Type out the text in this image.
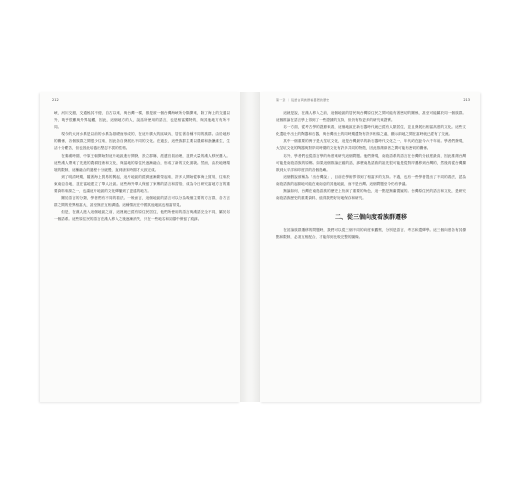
212

峽，河川交錯，交通極其不便，自古以來，與台灣一樣，都是被一個台灣海峽所分隔開來，除了海上的交通以外，幾乎很難與外界接觸，因此，這個地方的人，說話所使用的語言，也是相當獨特的，與其他地方有所不同。

現今的大河水系是以前的水系為基礎而形成的，在這片廣大的區域內，居住著各種不同的族群。由於地形的關係，各個族群之間很少往來，因此各自發展出不同的文化。在過去，這些族群主要以農耕和漁獵維生，生活十分艱苦，但也因此培養出堅忍不拔的性格。

在秦漢時期，中原王朝開始對這片地區進行開發，設立郡縣，派遣官員治理，並將大量的漢人移民遷入。這些漢人帶來了先進的農耕技術和文化，與當地的原住民逐漸融合，形成了新的文化面貌。然而，由於地理環境的限制，這種融合的過程十分緩慢，直到唐宋時期才大致完成。

到了明清時期，隨著海上貿易的興起，這片地區的經濟逐漸繁榮起來，許多人開始從事海上貿易，往來於東南亞各地，並在當地建立了華人社區。這些海外華人保留了家鄉的語言和習俗，成為今日研究當地方言的重要資料來源之一，也讓這片地區的文化傳播到了更遠的地方。

關於語言的分類，學者們有不同的看法。一般而言，這個地區的語言可以分為幾個主要的方言群，各方言群之間的差異相當大，甚至無法互相溝通。這種情況在中國其他地區也相當常見。

但是，在漢人進入這個地區之前，這裡就已經有原住民居住，他們所使用的語言與漢語完全不同，屬於另一個語系。這些原住民的語言在漢人移入之後逐漸消失，只在一些地名和詞彙中保留了痕跡。

第一章 ｜ 從語言與族群看臺灣的歷史	213

這就是說，在漢人移入之前，這個地區的居民與台灣原住民之間可能有著密切的關係，甚至可能屬於同一個族群。這個推論在語言學上得到了一些證據的支持，但仍有待更多的研究來證實。

另一方面，從考古學的證據來看，這個地區在新石器時代就已經有人類居住，並且發展出相當高度的文化。這些文化遺址中出土的陶器和石器，與台灣出土的同時期遺物有許多相似之處，顯示兩地之間在當時就已經有了交流。

其中一個重要的例子是大坌坑文化，這是台灣最早的新石器時代文化之一，年代約在距今六千年前。學者們發現，大坌坑文化的陶器與對岸同時期的文化有許多共同的特徵，因此推測兩者之間可能有密切的關係。

另外，學者們也從語言學的角度來研究這個問題。他們發現，南島語系的語言在台灣的分歧度最高，因此推測台灣可能是南島語族的原鄉。如果這個推論正確的話，那麼南島語族的祖先很可能是從對岸遷移到台灣的，然後再從台灣擴散到太平洋和印度洋的各個島嶼。

這個假說被稱為「出台灣說」，目前在學術界得到了相當多的支持。不過，也有一些學者提出了不同的看法，認為南島語族的起源地可能在東南亞的其他地區，而不是台灣。這個問題至今仍有爭議。

無論如何，台灣在南島語族的歷史上扮演了重要的角色，這一點是無庸置疑的。台灣原住民的語言和文化，是研究南島語族歷史的重要資料，值得我們好好地保存和研究。

二、從三個向度看族群遷移

在討論族群遷移的問題時，我們可以從三個不同的向度來觀察，分別是語言、考古和遺傳學。這三個向度各有其優點和限制，必須互相配合，才能得到比較完整的圖像。
